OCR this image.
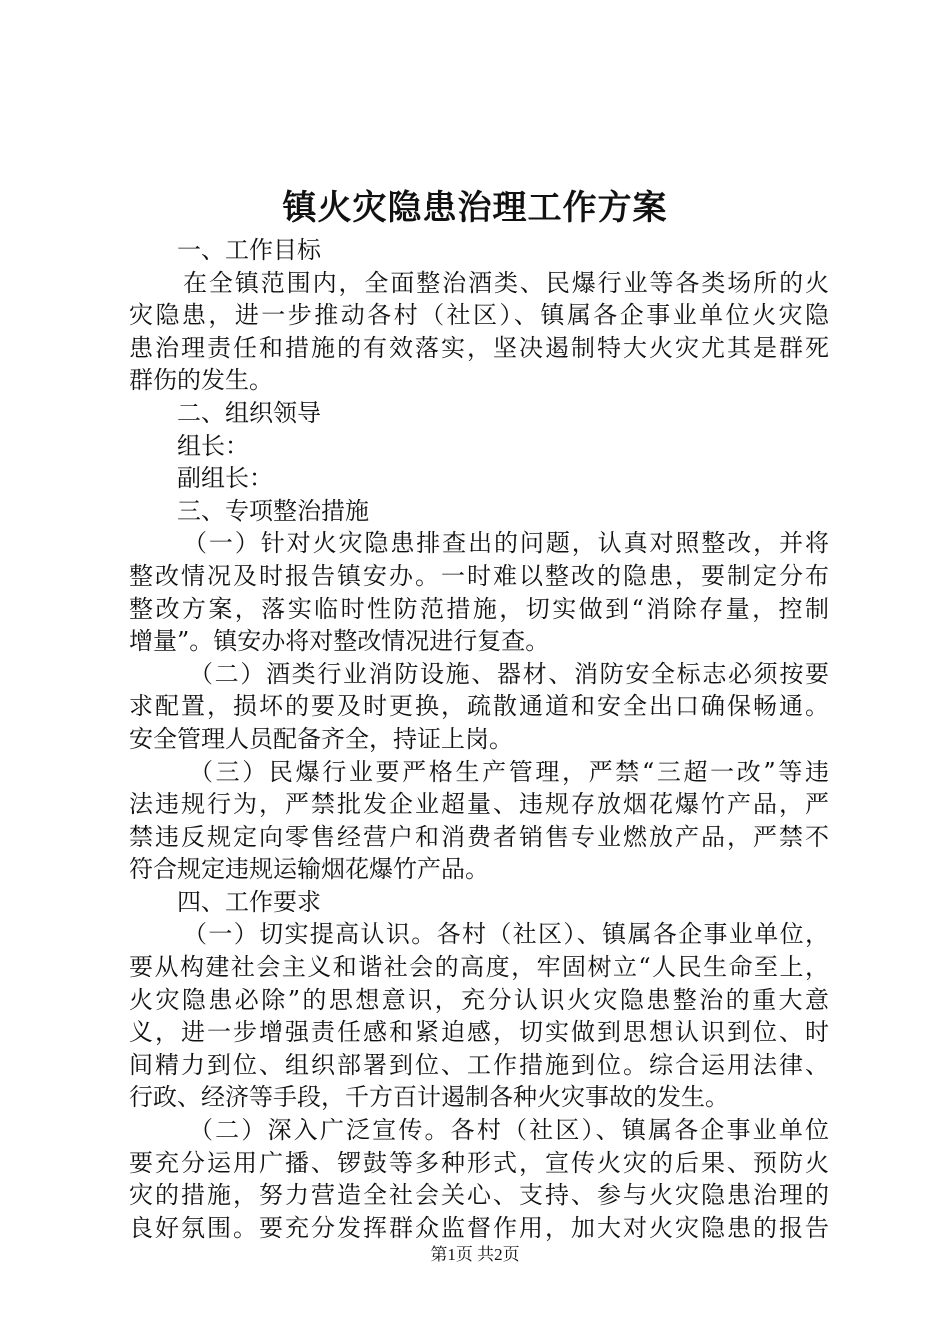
镇火灾隐患治理工作方案
一、工作目标
在全镇范围内，全面整治酒类、民爆行业等各类场所的火
灾隐患，进一步推动各村（社区）、镇属各企事业单位火灾隐
患治理责任和措施的有效落实，坚决遏制特大火灾尤其是群死
群伤的发生。
二、组织领导
组长：
副组长：
三、专项整治措施
（一）针对火灾隐患排查出的问题，认真对照整改，并将
整改情况及时报告镇安办。一时难以整改的隐患，要制定分布
整改方案，落实临时性防范措施，切实做到“消除存量，控制
增量”。镇安办将对整改情况进行复查。
（二）酒类行业消防设施、器材、消防安全标志必须按要
求配置，损坏的要及时更换，疏散通道和安全出口确保畅通。
安全管理人员配备齐全，持证上岗。
（三）民爆行业要严格生产管理，严禁“三超一改”等违
法违规行为，严禁批发企业超量、违规存放烟花爆竹产品，严
禁违反规定向零售经营户和消费者销售专业燃放产品，严禁不
符合规定违规运输烟花爆竹产品。
四、工作要求
（一）切实提高认识。各村（社区）、镇属各企事业单位，
要从构建社会主义和谐社会的高度，牢固树立“人民生命至上，
火灾隐患必除”的思想意识，充分认识火灾隐患整治的重大意
义，进一步增强责任感和紧迫感，切实做到思想认识到位、时
间精力到位、组织部署到位、工作措施到位。综合运用法律、
行政、经济等手段，千方百计遏制各种火灾事故的发生。
（二）深入广泛宣传。各村（社区）、镇属各企事业单位
要充分运用广播、锣鼓等多种形式，宣传火灾的后果、预防火
灾的措施，努力营造全社会关心、支持、参与火灾隐患治理的
良好氛围。要充分发挥群众监督作用，加大对火灾隐患的报告
第1页 共2页
